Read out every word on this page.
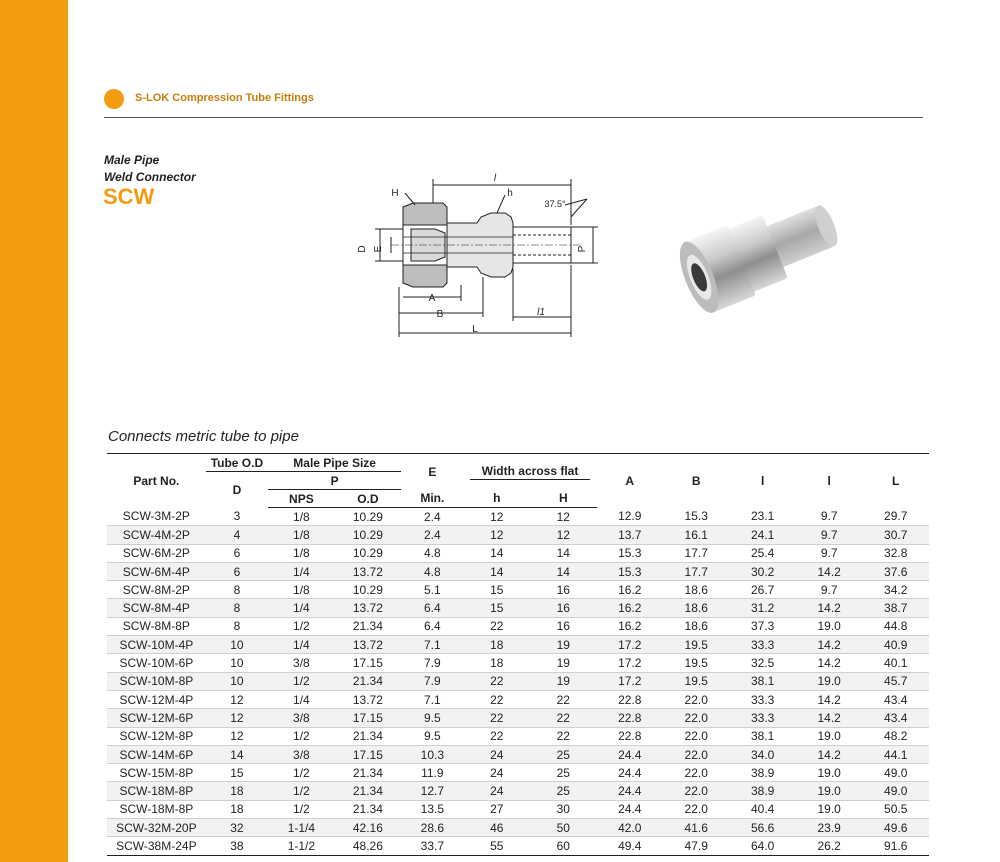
S-LOK Compression Tube Fittings
Male Pipe
Weld Connector
SCW
l
H	h
37.5°
D E	P
A
B	l1
L
Connects metric tube to pipe
Part No.	Tube O.D	Male Pipe Size		E	Width across flat		A	B	l	l	L
	D	P									
		NPS	O.D	Min.	h	H					
SCW-3M-2P	3	1/8	10.29	2.4	12	12	12.9	15.3	23.1	9.7	29.7
SCW-4M-2P	4	1/8	10.29	2.4	12	12	13.7	16.1	24.1	9.7	30.7
SCW-6M-2P	6	1/8	10.29	4.8	14	14	15.3	17.7	25.4	9.7	32.8
SCW-6M-4P	6	1/4	13.72	4.8	14	14	15.3	17.7	30.2	14.2	37.6
SCW-8M-2P	8	1/8	10.29	5.1	15	16	16.2	18.6	26.7	9.7	34.2
SCW-8M-4P	8	1/4	13.72	6.4	15	16	16.2	18.6	31.2	14.2	38.7
SCW-8M-8P	8	1/2	21.34	6.4	22	16	16.2	18.6	37.3	19.0	44.8
SCW-10M-4P	10	1/4	13.72	7.1	18	19	17.2	19.5	33.3	14.2	40.9
SCW-10M-6P	10	3/8	17.15	7.9	18	19	17.2	19.5	32.5	14.2	40.1
SCW-10M-8P	10	1/2	21.34	7.9	22	19	17.2	19.5	38.1	19.0	45.7
SCW-12M-4P	12	1/4	13.72	7.1	22	22	22.8	22.0	33.3	14.2	43.4
SCW-12M-6P	12	3/8	17.15	9.5	22	22	22.8	22.0	33.3	14.2	43.4
SCW-12M-8P	12	1/2	21.34	9.5	22	22	22.8	22.0	38.1	19.0	48.2
SCW-14M-6P	14	3/8	17.15	10.3	24	25	24.4	22.0	34.0	14.2	44.1
SCW-15M-8P	15	1/2	21.34	11.9	24	25	24.4	22.0	38.9	19.0	49.0
SCW-18M-8P	18	1/2	21.34	12.7	24	25	24.4	22.0	38.9	19.0	49.0
SCW-18M-8P	18	1/2	21.34	13.5	27	30	24.4	22.0	40.4	19.0	50.5
SCW-32M-20P	32	1-1/4	42.16	28.6	46	50	42.0	41.6	56.6	23.9	49.6
SCW-38M-24P	38	1-1/2	48.26	33.7	55	60	49.4	47.9	64.0	26.2	91.6
